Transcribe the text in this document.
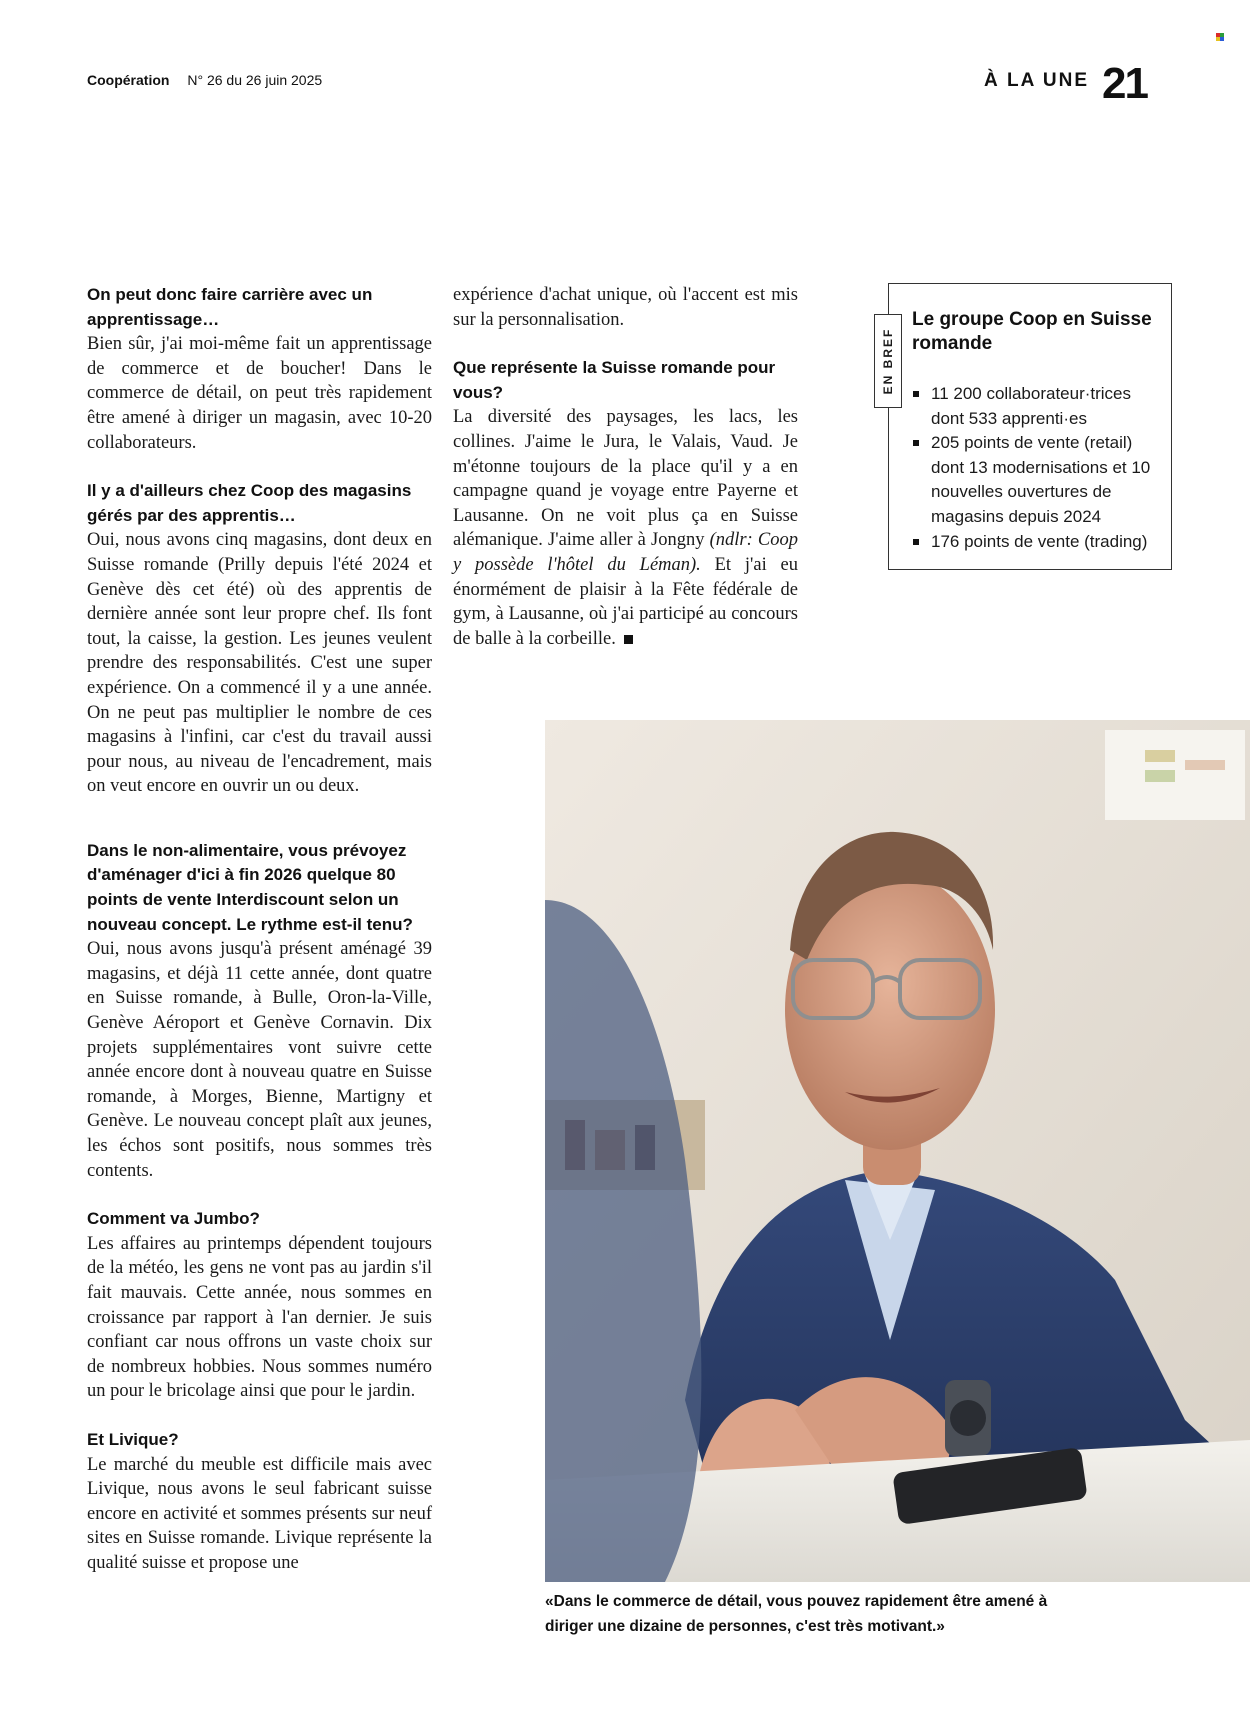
Coopération N° 26 du 26 juin 2025	À LA UNE 21

On peut donc faire carrière avec un apprentissage…

Bien sûr, j'ai moi-même fait un apprentissage de commerce et de boucher! Dans le commerce de détail, on peut très rapidement être amené à diriger un magasin, avec 10-20 collaborateurs.

Il y a d'ailleurs chez Coop des magasins gérés par des apprentis…

Oui, nous avons cinq magasins, dont deux en Suisse romande (Prilly depuis l'été 2024 et Genève dès cet été) où des apprentis de dernière année sont leur propre chef. Ils font tout, la caisse, la gestion. Les jeunes veulent prendre des responsabilités. C'est une super expérience. On a commencé il y a une année. On ne peut pas multiplier le nombre de ces magasins à l'infini, car c'est du travail aussi pour nous, au niveau de l'encadrement, mais on veut encore en ouvrir un ou deux.

Dans le non-alimentaire, vous prévoyez d'aménager d'ici à fin 2026 quelque 80 points de vente Interdiscount selon un nouveau concept. Le rythme est-il tenu?

Oui, nous avons jusqu'à présent aménagé 39 magasins, et déjà 11 cette année, dont quatre en Suisse romande, à Bulle, Oron-la-Ville, Genève Aéroport et Genève Cornavin. Dix projets supplémentaires vont suivre cette année encore dont à nouveau quatre en Suisse romande, à Morges, Bienne, Martigny et Genève. Le nouveau concept plaît aux jeunes, les échos sont positifs, nous sommes très contents.

Comment va Jumbo?

Les affaires au printemps dépendent toujours de la météo, les gens ne vont pas au jardin s'il fait mauvais. Cette année, nous sommes en croissance par rapport à l'an dernier. Je suis confiant car nous offrons un vaste choix sur de nombreux hobbies. Nous sommes numéro un pour le bricolage ainsi que pour le jardin.

Et Livique?

Le marché du meuble est difficile mais avec Livique, nous avons le seul fabricant suisse encore en activité et sommes présents sur neuf sites en Suisse romande. Livique représente la qualité suisse et propose une

expérience d'achat unique, où l'accent est mis sur la personnalisation.

Que représente la Suisse romande pour vous?

La diversité des paysages, les lacs, les collines. J'aime le Jura, le Valais, Vaud. Je m'étonne toujours de la place qu'il y a en campagne quand je voyage entre Payerne et Lausanne. On ne voit plus ça en Suisse alémanique. J'aime aller à Jongny (ndlr: Coop y possède l'hôtel du Léman). Et j'ai eu énormément de plaisir à la Fête fédérale de gym, à Lausanne, où j'ai participé au concours de balle à la corbeille.

EN BREF
Le groupe Coop en Suisse romande
11 200 collaborateur·trices dont 533 apprenti·es
205 points de vente (retail) dont 13 modernisations et 10 nouvelles ouvertures de magasins depuis 2024
176 points de vente (trading)
«Dans le commerce de détail, vous pouvez rapidement être amené à diriger une dizaine de personnes, c'est très motivant.»
